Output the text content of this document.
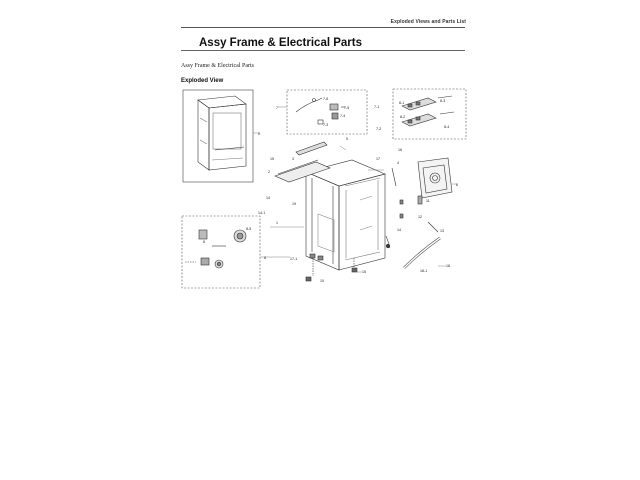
Exploded Views and Parts List
Assy Frame & Electrical Parts
Assy Frame & Electrical Parts
Exploded View
0
7
7-6
7-5
7-4
7-3
7-1
7-2
8-1
8-2
8-3
8-4
5
3
15
2
17
16
4
6
19
14
14-1
11
12
14	13
1
9
8-5
8
8	17-1
15
18
18-1
10
